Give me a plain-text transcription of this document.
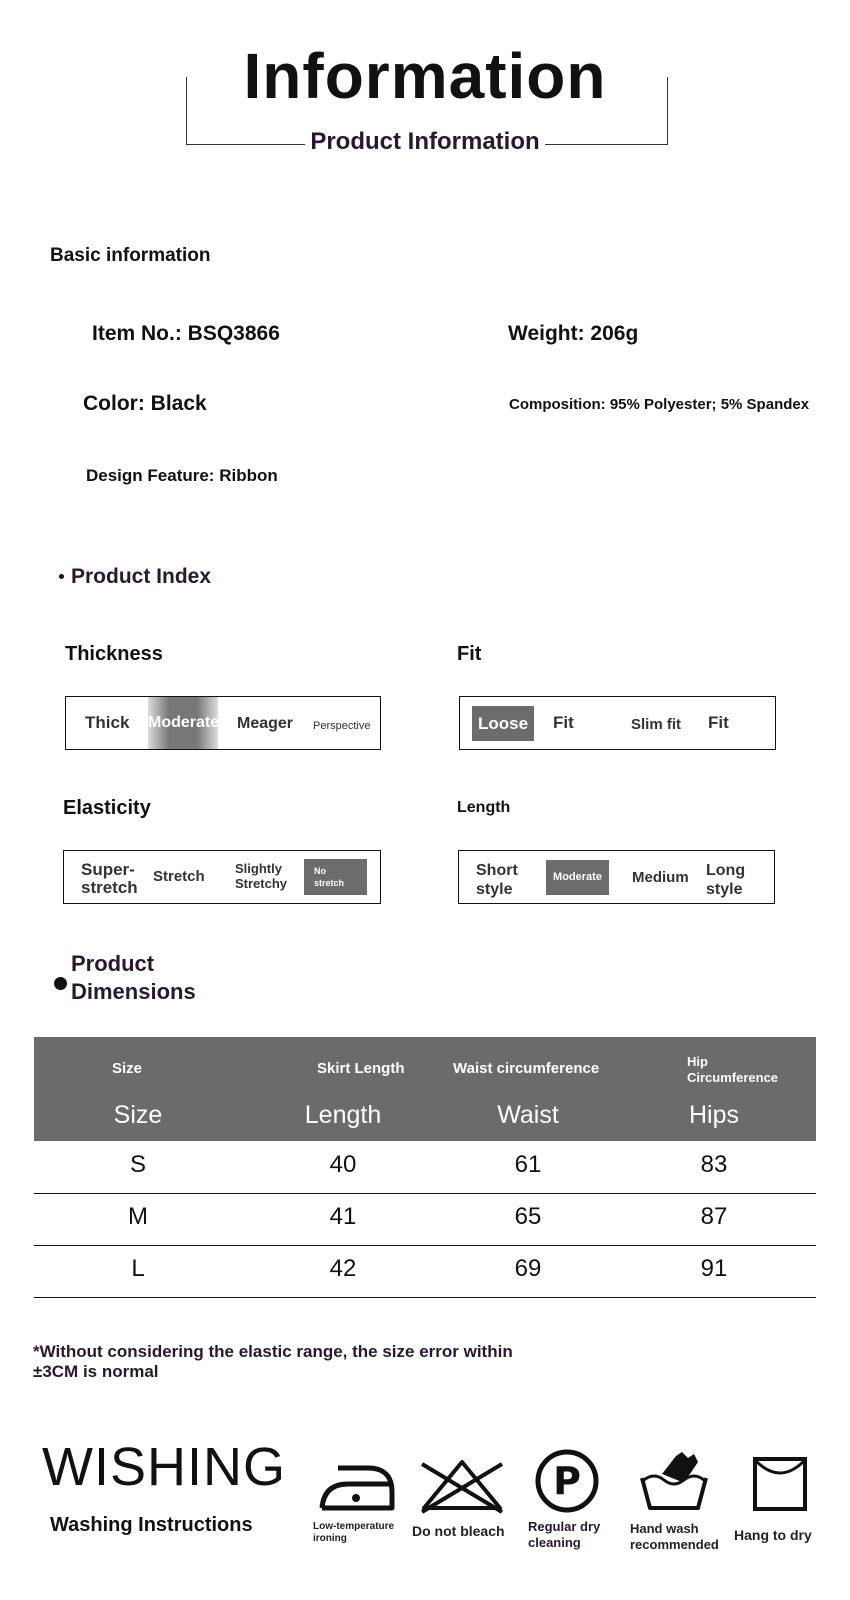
Information
Product Information
Basic information
Item No.: BSQ3866	Weight: 206g
Color: Black	Composition: 95% Polyester; 5% Spandex
Design Feature: Ribbon
Product Index
Thickness	Fit
Thick Moderate Meager Perspective	Loose	Fit	Slim fit Fit
Elasticity	Length
Super-
stretch
Stretch Slightly
Stretchy
No
stretch
Short
style
Moderate	Medium Long
style
Product Dimensions
Size	Skirt Length	Waist circumference	Hip Circumference
Size	Length	Waist	Hips
S	40	61	83
M	41	65	87
L	42	69	91
*Without considering the elastic range, the size error within ±3CM is normal
WISHING
Washing Instructions	Low-temperature ironing	Do not bleach
P
Regular dry cleaning
Hand wash recommended
Hang to dry
